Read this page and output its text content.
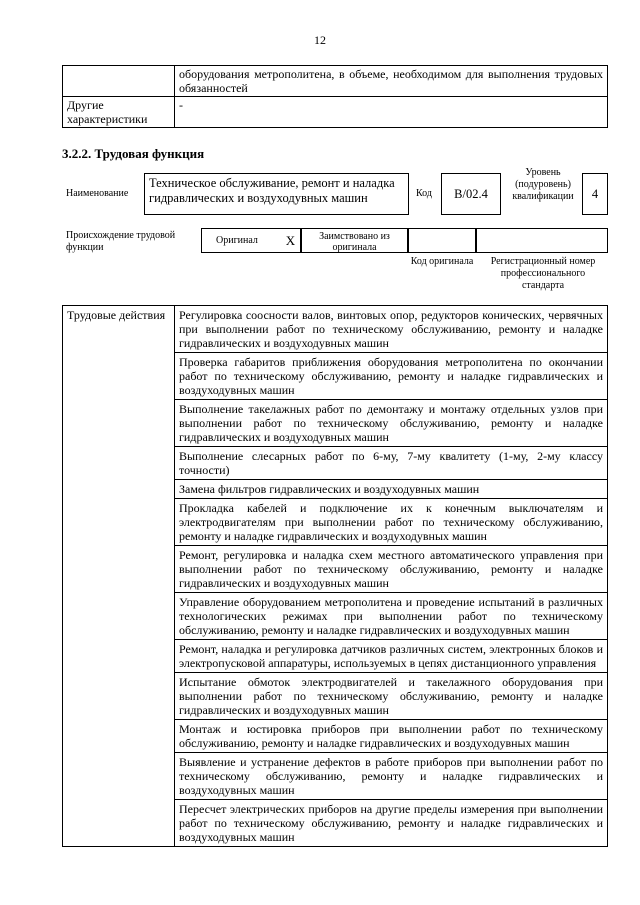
12
	оборудования метрополитена, в объеме, необходимом для выполнения трудовых обязанностей
Другие характеристики	-
3.2.2. Трудовая функция
Наименование
Техническое обслуживание, ремонт и наладка гидравлических и воздуходувных машин	Код	B/02.4
Уровень (подуровень) квалификации	4
Происхождение трудовой функции
Оригинал	X	Заимствовано из оригинала
Код оригинала	Регистрационный номер профессионального стандарта
Трудовые действия	Регулировка соосности валов, винтовых опор, редукторов конических, червячных при выполнении работ по техническому обслуживанию, ремонту и наладке гидравлических и воздуходувных машин
Проверка габаритов приближения оборудования метрополитена по окончании работ по техническому обслуживанию, ремонту и наладке гидравлических и воздуходувных машин
Выполнение такелажных работ по демонтажу и монтажу отдельных узлов при выполнении работ по техническому обслуживанию, ремонту и наладке гидравлических и воздуходувных машин
Выполнение слесарных работ по 6-му, 7-му квалитету (1-му, 2-му классу точности)
Замена фильтров гидравлических и воздуходувных машин
Прокладка кабелей и подключение их к конечным выключателям и электродвигателям при выполнении работ по техническому обслуживанию, ремонту и наладке гидравлических и воздуходувных машин
Ремонт, регулировка и наладка схем местного автоматического управления при выполнении работ по техническому обслуживанию, ремонту и наладке гидравлических и воздуходувных машин
Управление оборудованием метрополитена и проведение испытаний в различных технологических режимах при выполнении работ по техническому обслуживанию, ремонту и наладке гидравлических и воздуходувных машин
Ремонт, наладка и регулировка датчиков различных систем, электронных блоков и электропусковой аппаратуры, используемых в цепях дистанционного управления
Испытание обмоток электродвигателей и такелажного оборудования при выполнении работ по техническому обслуживанию, ремонту и наладке гидравлических и воздуходувных машин
Монтаж и юстировка приборов при выполнении работ по техническому обслуживанию, ремонту и наладке гидравлических и воздуходувных машин
Выявление и устранение дефектов в работе приборов при выполнении работ по техническому обслуживанию, ремонту и наладке гидравлических и воздуходувных машин
Пересчет электрических приборов на другие пределы измерения при выполнении работ по техническому обслуживанию, ремонту и наладке гидравлических и воздуходувных машин
